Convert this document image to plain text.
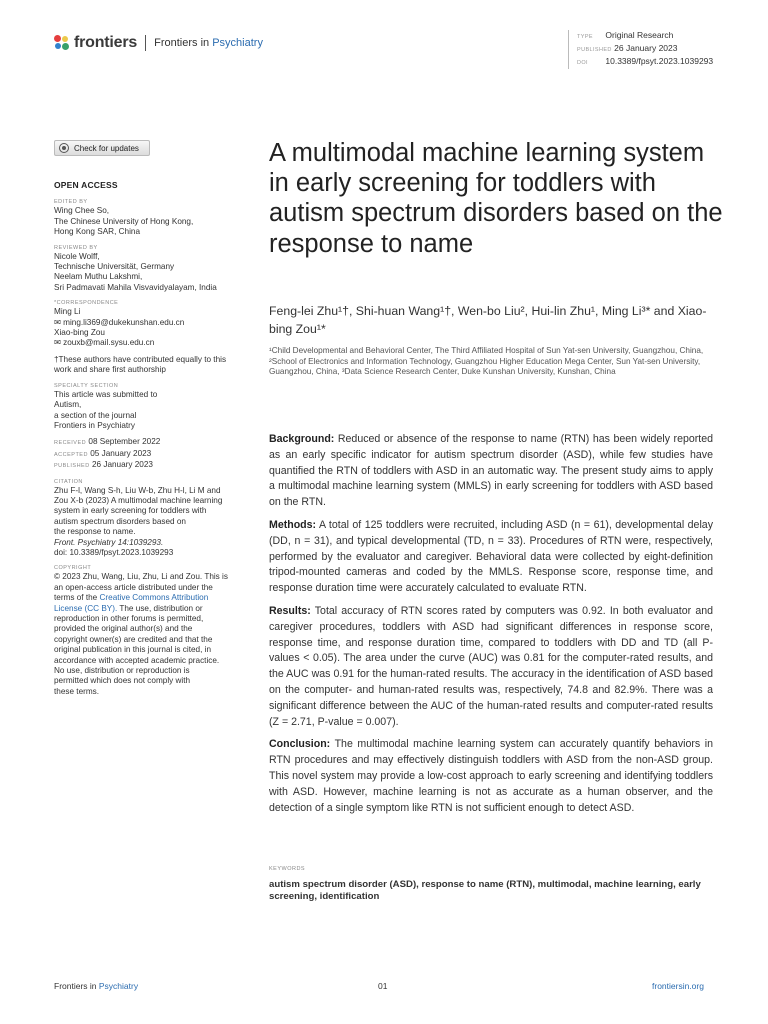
frontiers Frontiers in Psychiatry	TYPE Original Research
PUBLISHED 26 January 2023
DOI 10.3389/fpsyt.2023.1039293
Check for updates
OPEN ACCESS
EDITED BY
Wing Chee So,
The Chinese University of Hong Kong,
Hong Kong SAR, China
REVIEWED BY
Nicole Wolff,
Technische Universität, Germany
Neelam Muthu Lakshmi,
Sri Padmavati Mahila Visvavidyalayam, India
*CORRESPONDENCE
Ming Li
✉ ming.li369@dukekunshan.edu.cn
Xiao-bing Zou
✉ zouxb@mail.sysu.edu.cn
†These authors have contributed equally to this
work and share first authorship
SPECIALTY SECTION
This article was submitted to
Autism,
a section of the journal
Frontiers in Psychiatry
RECEIVED 08 September 2022
ACCEPTED 05 January 2023
PUBLISHED 26 January 2023
CITATION
Zhu F-l, Wang S-h, Liu W-b, Zhu H-l, Li M and
Zou X-b (2023) A multimodal machine learning
system in early screening for toddlers with
autism spectrum disorders based on
the response to name.
Front. Psychiatry 14:1039293.
doi: 10.3389/fpsyt.2023.1039293
COPYRIGHT
© 2023 Zhu, Wang, Liu, Zhu, Li and Zou. This is
an open-access article distributed under the
terms of the Creative Commons Attribution
License (CC BY). The use, distribution or
reproduction in other forums is permitted,
provided the original author(s) and the
copyright owner(s) are credited and that the
original publication in this journal is cited, in
accordance with accepted academic practice.
No use, distribution or reproduction is
permitted which does not comply with
these terms.
A multimodal machine learning system in early screening for toddlers with autism spectrum disorders based on the response to name
Feng-lei Zhu¹†, Shi-huan Wang¹†, Wen-bo Liu², Hui-lin Zhu¹, Ming Li³* and Xiao-bing Zou¹*
¹Child Developmental and Behavioral Center, The Third Affiliated Hospital of Sun Yat-sen University, Guangzhou, China, ²School of Electronics and Information Technology, Guangzhou Higher Education Mega Center, Sun Yat-sen University, Guangzhou, China, ³Data Science Research Center, Duke Kunshan University, Kunshan, China

Background: Reduced or absence of the response to name (RTN) has been widely reported as an early specific indicator for autism spectrum disorder (ASD), while few studies have quantified the RTN of toddlers with ASD in an automatic way. The present study aims to apply a multimodal machine learning system (MMLS) in early screening for toddlers with ASD based on the RTN.

Methods: A total of 125 toddlers were recruited, including ASD (n = 61), developmental delay (DD, n = 31), and typical developmental (TD, n = 33). Procedures of RTN were, respectively, performed by the evaluator and caregiver. Behavioral data were collected by eight-definition tripod-mounted cameras and coded by the MMLS. Response score, response time, and response duration time were accurately calculated to evaluate RTN.

Results: Total accuracy of RTN scores rated by computers was 0.92. In both evaluator and caregiver procedures, toddlers with ASD had significant differences in response score, response time, and response duration time, compared to toddlers with DD and TD (all P-values < 0.05). The area under the curve (AUC) was 0.81 for the computer-rated results, and the AUC was 0.91 for the human-rated results. The accuracy in the identification of ASD based on the computer- and human-rated results was, respectively, 74.8 and 82.9%. There was a significant difference between the AUC of the human-rated results and computer-rated results (Z = 2.71, P-value = 0.007).

Conclusion: The multimodal machine learning system can accurately quantify behaviors in RTN procedures and may effectively distinguish toddlers with ASD from the non-ASD group. This novel system may provide a low-cost approach to early screening and identifying toddlers with ASD. However, machine learning is not as accurate as a human observer, and the detection of a single symptom like RTN is not sufficient enough to detect ASD.

KEYWORDS
autism spectrum disorder (ASD), response to name (RTN), multimodal, machine learning, early screening, identification
Frontiers in Psychiatry	01	frontiersin.org
